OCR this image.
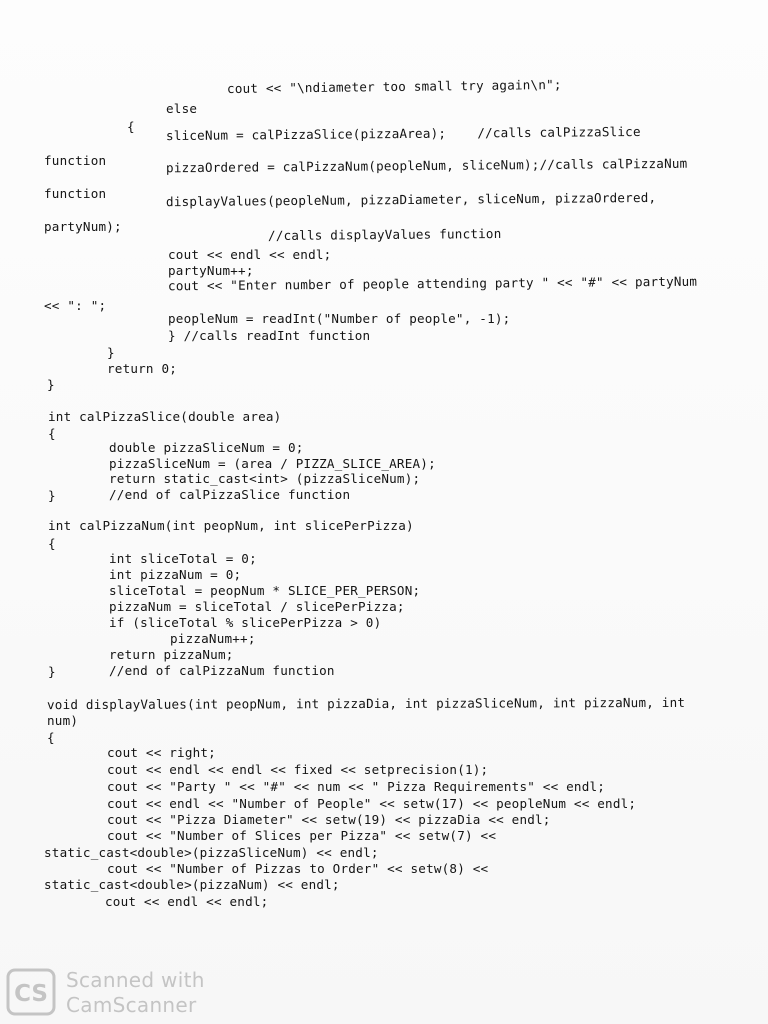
cout << "\ndiameter too small try again\n";
else
{ sliceNum = calPizzaSlice(pizzaArea);    //calls calPizzaSlice
function	pizzaOrdered = calPizzaNum(peopleNum, sliceNum);//calls calPizzaNum
function	displayValues(peopleNum, pizzaDiameter, sliceNum, pizzaOrdered,
partyNum);	//calls displayValues function
cout << endl << endl;
partyNum++;
cout << "Enter number of people attending party " << "#" << partyNum
<< ": ";
peopleNum = readInt("Number of people", -1);
} //calls readInt function
}
return 0;
}
int calPizzaSlice(double area)
{
double pizzaSliceNum = 0;
pizzaSliceNum = (area / PIZZA_SLICE_AREA);
return static_cast<int> (pizzaSliceNum);
}	//end of calPizzaSlice function
int calPizzaNum(int peopNum, int slicePerPizza)
{
int sliceTotal = 0;
int pizzaNum = 0;
sliceTotal = peopNum * SLICE_PER_PERSON;
pizzaNum = sliceTotal / slicePerPizza;
if (sliceTotal % slicePerPizza > 0)
pizzaNum++;
return pizzaNum;
}	//end of calPizzaNum function
void displayValues(int peopNum, int pizzaDia, int pizzaSliceNum, int pizzaNum, int
num)
{
cout << right;
cout << endl << endl << fixed << setprecision(1);
cout << "Party " << "#" << num << " Pizza Requirements" << endl;
cout << endl << "Number of People" << setw(17) << peopleNum << endl;
cout << "Pizza Diameter" << setw(19) << pizzaDia << endl;
cout << "Number of Slices per Pizza" << setw(7) <<
static_cast<double>(pizzaSliceNum) << endl;
cout << "Number of Pizzas to Order" << setw(8) <<
static_cast<double>(pizzaNum) << endl;
cout << endl << endl;
CS
Scanned with
CamScanner
